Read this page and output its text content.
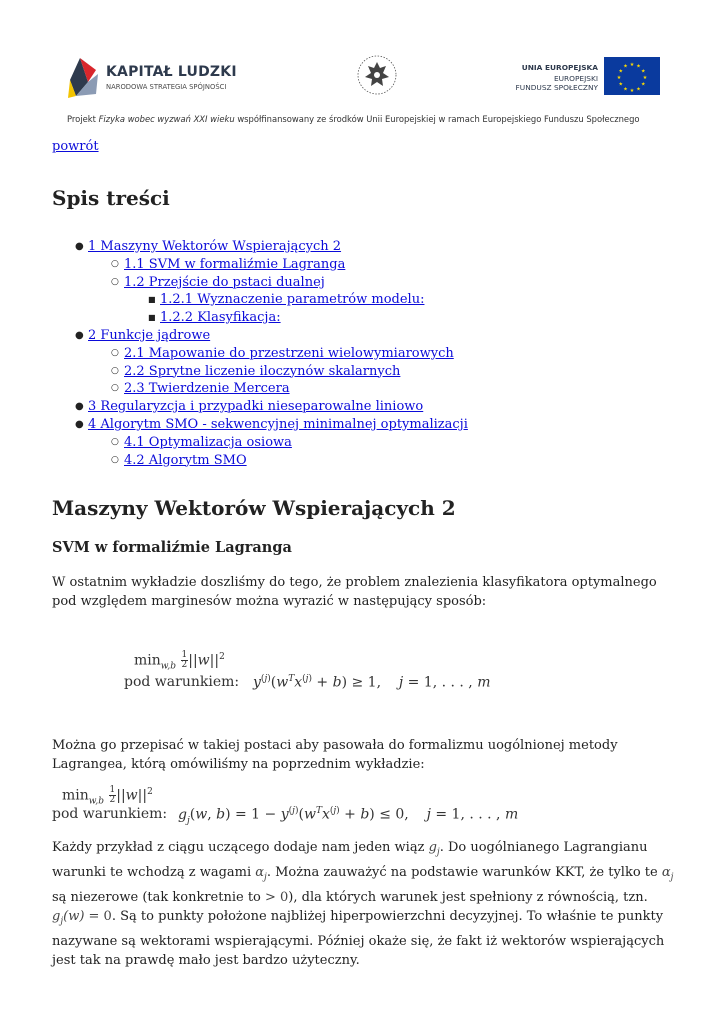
KAPITAŁ LUDZKI
NARODOWA STRATEGIA SPÓJNOŚCI
UNIA EUROPEJSKA
EUROPEJSKI
FUNDUSZ SPOŁECZNY
★ ★
★
★
★
★
★
★
★
★
★
★
Projekt Fizyka wobec wyzwań XXI wieku współfinansowany ze środków Unii Europejskiej w ramach Europejskiego Funduszu Społecznego
powrót
Spis treści
● 1 Maszyny Wektorów Wspierających 2
○ 1.1 SVM w formaliźmie Lagranga
○ 1.2 Przejście do pstaci dualnej
■ 1.2.1 Wyznaczenie parametrów modelu:
■ 1.2.2 Klasyfikacja:
● 2 Funkcje jądrowe
○ 2.1 Mapowanie do przestrzeni wielowymiarowych
○ 2.2 Sprytne liczenie iloczynów skalarnych
○ 2.3 Twierdzenie Mercera
● 3 Regularyzcja i przypadki nieseparowalne liniowo
● 4 Algorytm SMO - sekwencyjnej minimalnej optymalizacji
○ 4.1 Optymalizacja osiowa
○ 4.2 Algorytm SMO
Maszyny Wektorów Wspierających 2
SVM w formaliźmie Lagranga
W ostatnim wykładzie doszliśmy do tego, że problem znalezienia klasyfikatora optymalnego pod względem marginesów można wyrazić w następujący sposób:
$\min_{w,b} \frac{1}{2} ||w||^2$
pod warunkiem: $y^{(j)}(w^Tx^{(j)} + b) \ge 1$,    j = 1, . . . , m
Można go przepisać w takiej postaci aby pasowała do formalizmu uogólnionej metody Lagrangea, którą omówiliśmy na poprzednim wykładzie:
$\min_{w,b} \frac{1}{2} ||w||^2$
pod warunkiem: $g_j(w$, $b) = 1 - y^{(j)}(w^Tx^{(j)} + b) \le 0$,    j = 1, . . . , m
Każdy przykład z ciągu uczącego dodaje nam jeden wiąz $g_j$. Do uogólnianego Lagrangianu warunki te wchodzą z wagami $\alpha_j$. Można zauważyć na podstawie warunków KKT, że tylko te $\alpha_j$ są niezerowe (tak konkretnie to > 0), dla których warunek jest spełniony z równością, tzn. $g_j(w) = 0$. Są to punkty położone najbliżej hiperpowierzchni decyzyjnej. To właśnie te punkty nazywane są wektorami wspierającymi. Później okaże się, że fakt iż wektorów wspierających jest tak na prawdę mało jest bardzo użyteczny.
